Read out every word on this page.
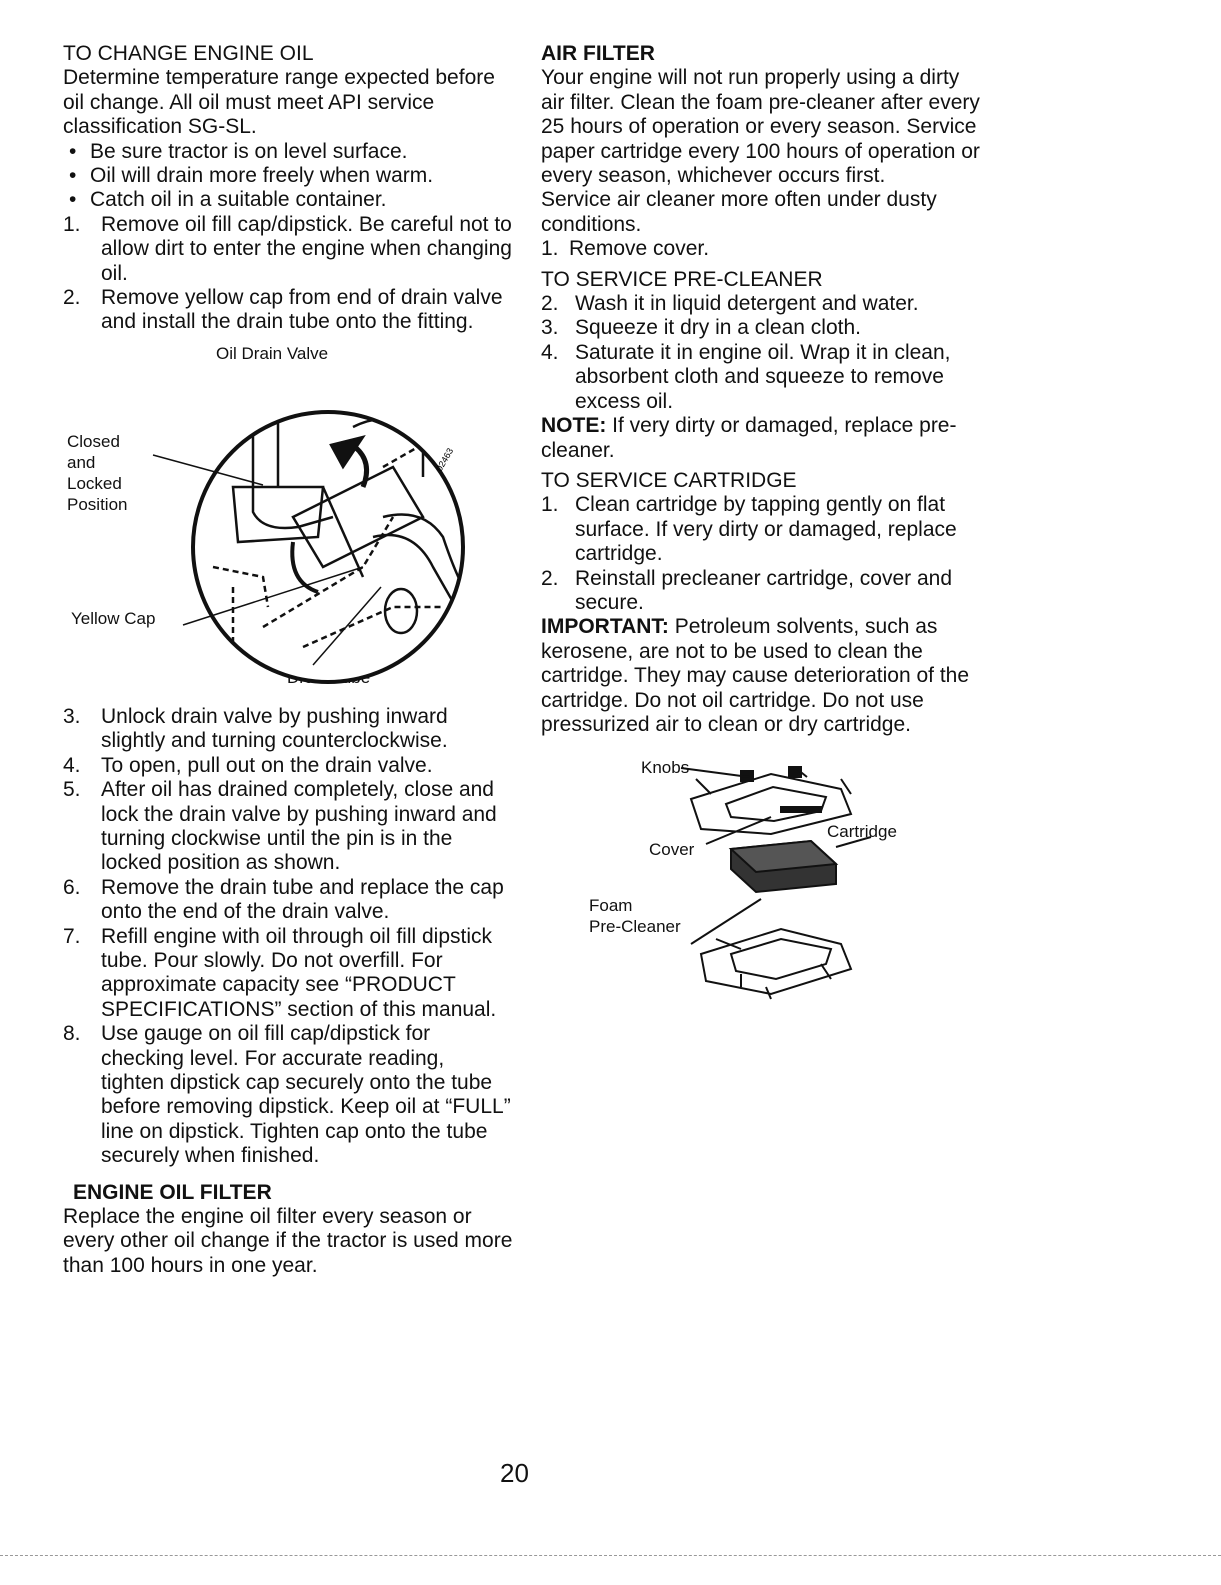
TO CHANGE ENGINE OIL

Determine temperature range expected before oil change. All oil must meet API service classification SG-SL.

• Be sure tractor is on level surface.
• Oil will drain more freely when warm.
• Catch oil in a suitable container.
1. Remove oil fill cap/dipstick. Be careful not to allow dirt to enter the engine when changing oil.
2. Remove yellow cap from end of drain valve and install the drain tube onto the fitting.
Oil Drain Valve
Closed
and
Locked
Position
Yellow Cap
02463
3. Unlock drain valve by pushing inward slightly and turning counterclockwise.
4. To open, pull out on the drain valve.
5. After oil has drained completely, close and lock the drain valve by pushing inward and turning clockwise until the pin is in the locked position as shown.
6. Remove the drain tube and replace the cap onto the end of the drain valve.
7. Refill engine with oil through oil fill dipstick tube. Pour slowly. Do not overfill. For approximate capacity see “PRODUCT SPECIFICATIONS” section of this manual.
8. Use gauge on oil fill cap/dipstick for checking level. For accurate reading, tighten dipstick cap securely onto the tube before removing dipstick. Keep oil at “FULL” line on dipstick. Tighten cap onto the tube securely when finished.
ENGINE OIL FILTER

Replace the engine oil filter every season or every other oil change if the tractor is used more than 100 hours in one year.

AIR FILTER

Your engine will not run properly using a dirty air filter. Clean the foam pre-cleaner after every 25 hours of operation or every season. Service paper cartridge every 100 hours of operation or every season, whichever occurs first.

Service air cleaner more often under dusty conditions.

1. Remove cover.
TO SERVICE PRE-CLEANER
2. Wash it in liquid detergent and water.
3. Squeeze it dry in a clean cloth.
4. Saturate it in engine oil. Wrap it in clean, absorbent cloth and squeeze to remove excess oil.

NOTE: If very dirty or damaged, replace pre-cleaner.

TO SERVICE CARTRIDGE
1. Clean cartridge by tapping gently on flat surface. If very dirty or damaged, replace cartridge.
2. Reinstall precleaner cartridge, cover and secure.

IMPORTANT: Petroleum solvents, such as kerosene, are not to be used to clean the cartridge. They may cause deterioration of the cartridge. Do not oil cartridge. Do not use pressurized air to clean or dry cartridge.

Knobs
Cover
Cartridge
Foam
Pre-Cleaner
20
